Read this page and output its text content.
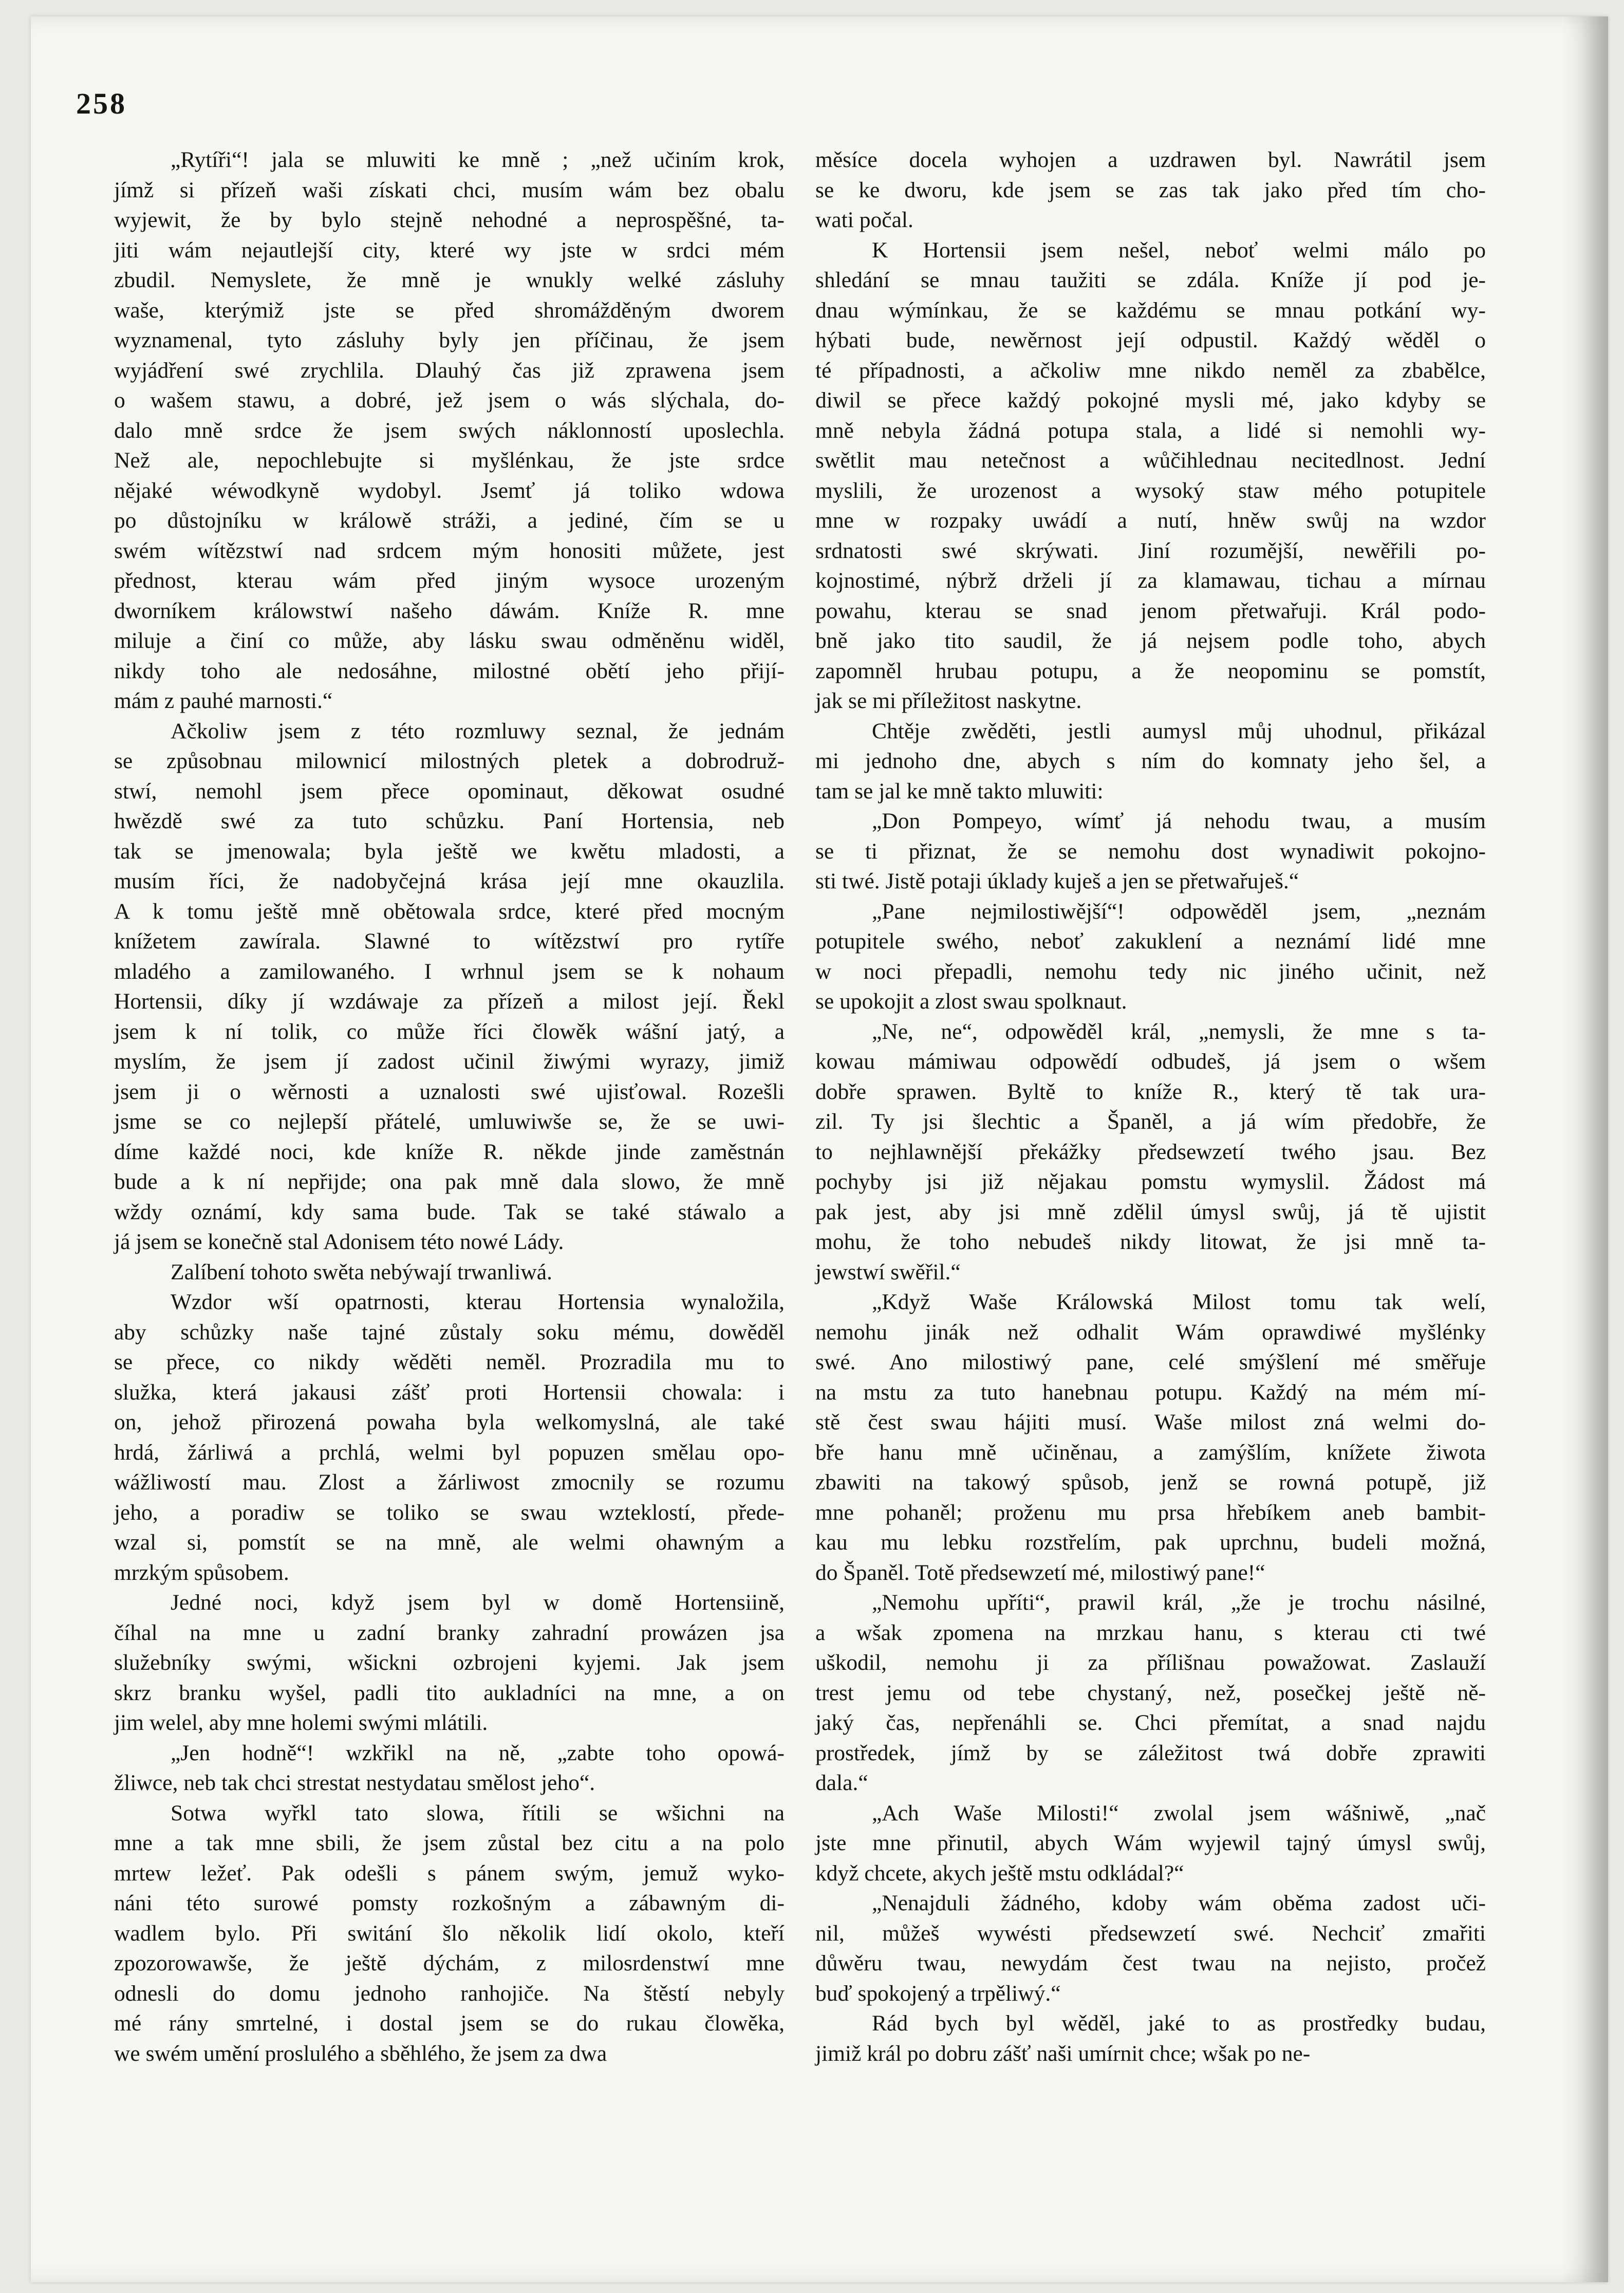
258

„Rytíři“! jala se mluwiti ke mně ; „než učiním krok,
jímž si přízeň waši získati chci, musím wám bez obalu
wyjewit, že by bylo stejně nehodné a neprospěšné, ta-
jiti wám nejautlejší city, které wy jste w srdci mém
zbudil. Nemyslete, že mně je wnukly welké zásluhy
waše, kterýmiž jste se před shromážděným dworem
wyznamenal, tyto zásluhy byly jen příčinau, že jsem
wyjádření swé zrychlila. Dlauhý čas již zprawena jsem
o wašem stawu, a dobré, jež jsem o wás slýchala, do-
dalo mně srdce že jsem swých náklonností uposlechla.
Než ale, nepochlebujte si myšlénkau, že jste srdce
nějaké wéwodkyně wydobyl. Jsemť já toliko wdowa
po důstojníku w králowě stráži, a jediné, čím se u
swém wítězstwí nad srdcem mým honositi můžete, jest
přednost, kterau wám před jiným wysoce urozeným
dworníkem králowstwí našeho dáwám. Kníže R. mne
miluje a činí co může, aby lásku swau odměněnu widěl,
nikdy toho ale nedosáhne, milostné obětí jeho přijí-
mám z pauhé marnosti.“

Ačkoliw jsem z této rozmluwy seznal, že jednám
se způsobnau milownicí milostných pletek a dobrodruž-
stwí, nemohl jsem přece opominaut, děkowat osudné
hwězdě swé za tuto schůzku. Paní Hortensia, neb
tak se jmenowala; byla ještě we kwětu mladosti, a
musím říci, že nadobyčejná krása její mne okauzlila.
A k tomu ještě mně obětowala srdce, které před mocným
knížetem zawírala. Slawné to wítězstwí pro rytíře
mladého a zamilowaného. I wrhnul jsem se k nohaum
Hortensii, díky jí wzdáwaje za přízeň a milost její. Řekl
jsem k ní tolik, co může říci člowěk wášní jatý, a
myslím, že jsem jí zadost učinil žiwými wyrazy, jimiž
jsem ji o wěrnosti a uznalosti swé ujisťowal. Rozešli
jsme se co nejlepší přátelé, umluwiwše se, že se uwi-
díme každé noci, kde kníže R. někde jinde zaměstnán
bude a k ní nepřijde; ona pak mně dala slowo, že mně
wždy oznámí, kdy sama bude. Tak se také stáwalo a
já jsem se konečně stal Adonisem této nowé Lády.

Zalíbení tohoto swěta nebýwají trwanliwá.

Wzdor wší opatrnosti, kterau Hortensia wynaložila,
aby schůzky naše tajné zůstaly soku mému, dowěděl
se přece, co nikdy wěděti neměl. Prozradila mu to
služka, která jakausi zášť proti Hortensii chowala: i
on, jehož přirozená powaha byla welkomyslná, ale také
hrdá, žárliwá a prchlá, welmi byl popuzen smělau opo-
wážliwostí mau. Zlost a žárliwost zmocnily se rozumu
jeho, a poradiw se toliko se swau wzteklostí, přede-
wzal si, pomstít se na mně, ale welmi ohawným a
mrzkým spůsobem.

Jedné noci, když jsem byl w domě Hortensiině,
číhal na mne u zadní branky zahradní prowázen jsa
služebníky swými, wšickni ozbrojeni kyjemi. Jak jsem
skrz branku wyšel, padli tito aukladníci na mne, a on
jim welel, aby mne holemi swými mlátili.

„Jen hodně“! wzkřikl na ně, „zabte toho opowá-
žliwce, neb tak chci strestat nestydatau smělost jeho“.

Sotwa wyřkl tato slowa, řítili se wšichni na
mne a tak mne sbili, že jsem zůstal bez citu a na polo
mrtew ležeť. Pak odešli s pánem swým, jemuž wyko-
náni této surowé pomsty rozkošným a zábawným di-
wadlem bylo. Při switání šlo několik lidí okolo, kteří
zpozorowawše, že ještě dýchám, z milosrdenstwí mne
odnesli do domu jednoho ranhojiče. Na štěstí nebyly
mé rány smrtelné, i dostal jsem se do rukau člowěka,
we swém umění proslulého a sběhlého, že jsem za dwa

měsíce docela wyhojen a uzdrawen byl. Nawrátil jsem
se ke dworu, kde jsem se zas tak jako před tím cho-
wati počal.

K Hortensii jsem nešel, neboť welmi málo po
shledání se mnau taužiti se zdála. Kníže jí pod je-
dnau wýmínkau, že se každému se mnau potkání wy-
hýbati bude, newěrnost její odpustil. Každý wěděl o
té případnosti, a ačkoliw mne nikdo neměl za zbabělce,
diwil se přece každý pokojné mysli mé, jako kdyby se
mně nebyla žádná potupa stala, a lidé si nemohli wy-
swětlit mau netečnost a wůčihlednau necitedlnost. Jední
myslili, že urozenost a wysoký staw mého potupitele
mne w rozpaky uwádí a nutí, hněw swůj na wzdor
srdnatosti swé skrýwati. Jiní rozumější, newěřili po-
kojnostimé, nýbrž drželi jí za klamawau, tichau a mírnau
powahu, kterau se snad jenom přetwařuji. Král podo-
bně jako tito saudil, že já nejsem podle toho, abych
zapomněl hrubau potupu, a že neopominu se pomstít,
jak se mi příležitost naskytne.

Chtěje zwěděti, jestli aumysl můj uhodnul, přikázal
mi jednoho dne, abych s ním do komnaty jeho šel, a
tam se jal ke mně takto mluwiti:

„Don Pompeyo, wímť já nehodu twau, a musím
se ti přiznat, že se nemohu dost wynadiwit pokojno-
sti twé. Jistě potaji úklady kuješ a jen se přetwařuješ.“

„Pane nejmilostiwější“! odpowěděl jsem, „neznám
potupitele swého, neboť zakuklení a neznámí lidé mne
w noci přepadli, nemohu tedy nic jiného učinit, než
se upokojit a zlost swau spolknaut.

„Ne, ne“, odpowěděl král, „nemysli, že mne s ta-
kowau mámiwau odpowědí odbudeš, já jsem o wšem
dobře sprawen. Byltě to kníže R., který tě tak ura-
zil. Ty jsi šlechtic a Španěl, a já wím předobře, že
to nejhlawnější překážky předsewzetí twého jsau. Bez
pochyby jsi již nějakau pomstu wymyslil. Žádost má
pak jest, aby jsi mně zdělil úmysl swůj, já tě ujistit
mohu, že toho nebudeš nikdy litowat, že jsi mně ta-
jewstwí swěřil.“

„Když Waše Králowská Milost tomu tak welí,
nemohu jinák než odhalit Wám oprawdiwé myšlénky
swé. Ano milostiwý pane, celé smýšlení mé směřuje
na mstu za tuto hanebnau potupu. Každý na mém mí-
stě čest swau hájiti musí. Waše milost zná welmi do-
bře hanu mně učiněnau, a zamýšlím, knížete žiwota
zbawiti na takowý spůsob, jenž se rowná potupě, již
mne pohaněl; proženu mu prsa hřebíkem aneb bambit-
kau mu lebku rozstřelím, pak uprchnu, budeli možná,
do Španěl. Totě předsewzetí mé, milostiwý pane!“

„Nemohu upříti“, prawil král, „že je trochu násilné,
a wšak zpomena na mrzkau hanu, s kterau cti twé
uškodil, nemohu ji za přílišnau powažowat. Zaslauží
trest jemu od tebe chystaný, než, posečkej ještě ně-
jaký čas, nepřenáhli se. Chci přemítat, a snad najdu
prostředek, jímž by se záležitost twá dobře zprawiti
dala.“

„Ach Waše Milosti!“ zwolal jsem wášniwě, „nač
jste mne přinutil, abych Wám wyjewil tajný úmysl swůj,
když chcete, akych ještě mstu odkládal?“

„Nenajduli žádného, kdoby wám oběma zadost uči-
nil, můžeš wywésti předsewzetí swé. Nechciť zmařiti
důwěru twau, newydám čest twau na nejisto, pročež
buď spokojený a trpěliwý.“

Rád bych byl wěděl, jaké to as prostředky budau,
jimiž král po dobru zášť naši umírnit chce; wšak po ne-
